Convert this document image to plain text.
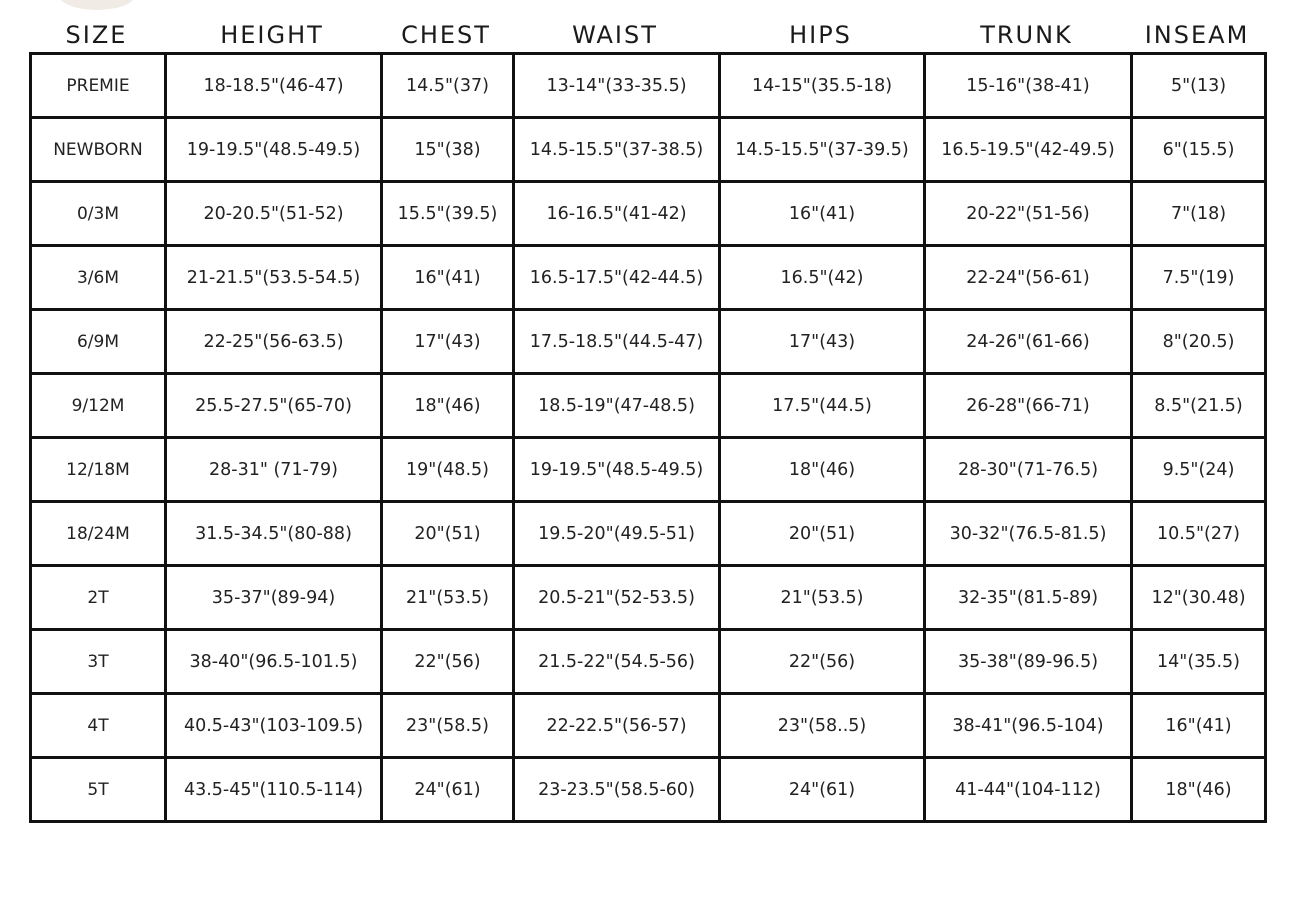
SIZE	HEIGHT	CHEST	WAIST	HIPS	TRUNK	INSEAM
PREMIE	18-18.5"(46-47)	14.5"(37)	13-14"(33-35.5)	14-15"(35.5-18)	15-16"(38-41)	5"(13)
NEWBORN	19-19.5"(48.5-49.5)	15"(38)	14.5-15.5"(37-38.5)	14.5-15.5"(37-39.5)	16.5-19.5"(42-49.5)	6"(15.5)
0/3M	20-20.5"(51-52)	15.5"(39.5)	16-16.5"(41-42)	16"(41)	20-22"(51-56)	7"(18)
3/6M	21-21.5"(53.5-54.5)	16"(41)	16.5-17.5"(42-44.5)	16.5"(42)	22-24"(56-61)	7.5"(19)
6/9M	22-25"(56-63.5)	17"(43)	17.5-18.5"(44.5-47)	17"(43)	24-26"(61-66)	8"(20.5)
9/12M	25.5-27.5"(65-70)	18"(46)	18.5-19"(47-48.5)	17.5"(44.5)	26-28"(66-71)	8.5"(21.5)
12/18M	28-31" (71-79)	19"(48.5)	19-19.5"(48.5-49.5)	18"(46)	28-30"(71-76.5)	9.5"(24)
18/24M	31.5-34.5"(80-88)	20"(51)	19.5-20"(49.5-51)	20"(51)	30-32"(76.5-81.5)	10.5"(27)
2T	35-37"(89-94)	21"(53.5)	20.5-21"(52-53.5)	21"(53.5)	32-35"(81.5-89)	12"(30.48)
3T	38-40"(96.5-101.5)	22"(56)	21.5-22"(54.5-56)	22"(56)	35-38"(89-96.5)	14"(35.5)
4T	40.5-43"(103-109.5)	23"(58.5)	22-22.5"(56-57)	23"(58..5)	38-41"(96.5-104)	16"(41)
5T	43.5-45"(110.5-114)	24"(61)	23-23.5"(58.5-60)	24"(61)	41-44"(104-112)	18"(46)
